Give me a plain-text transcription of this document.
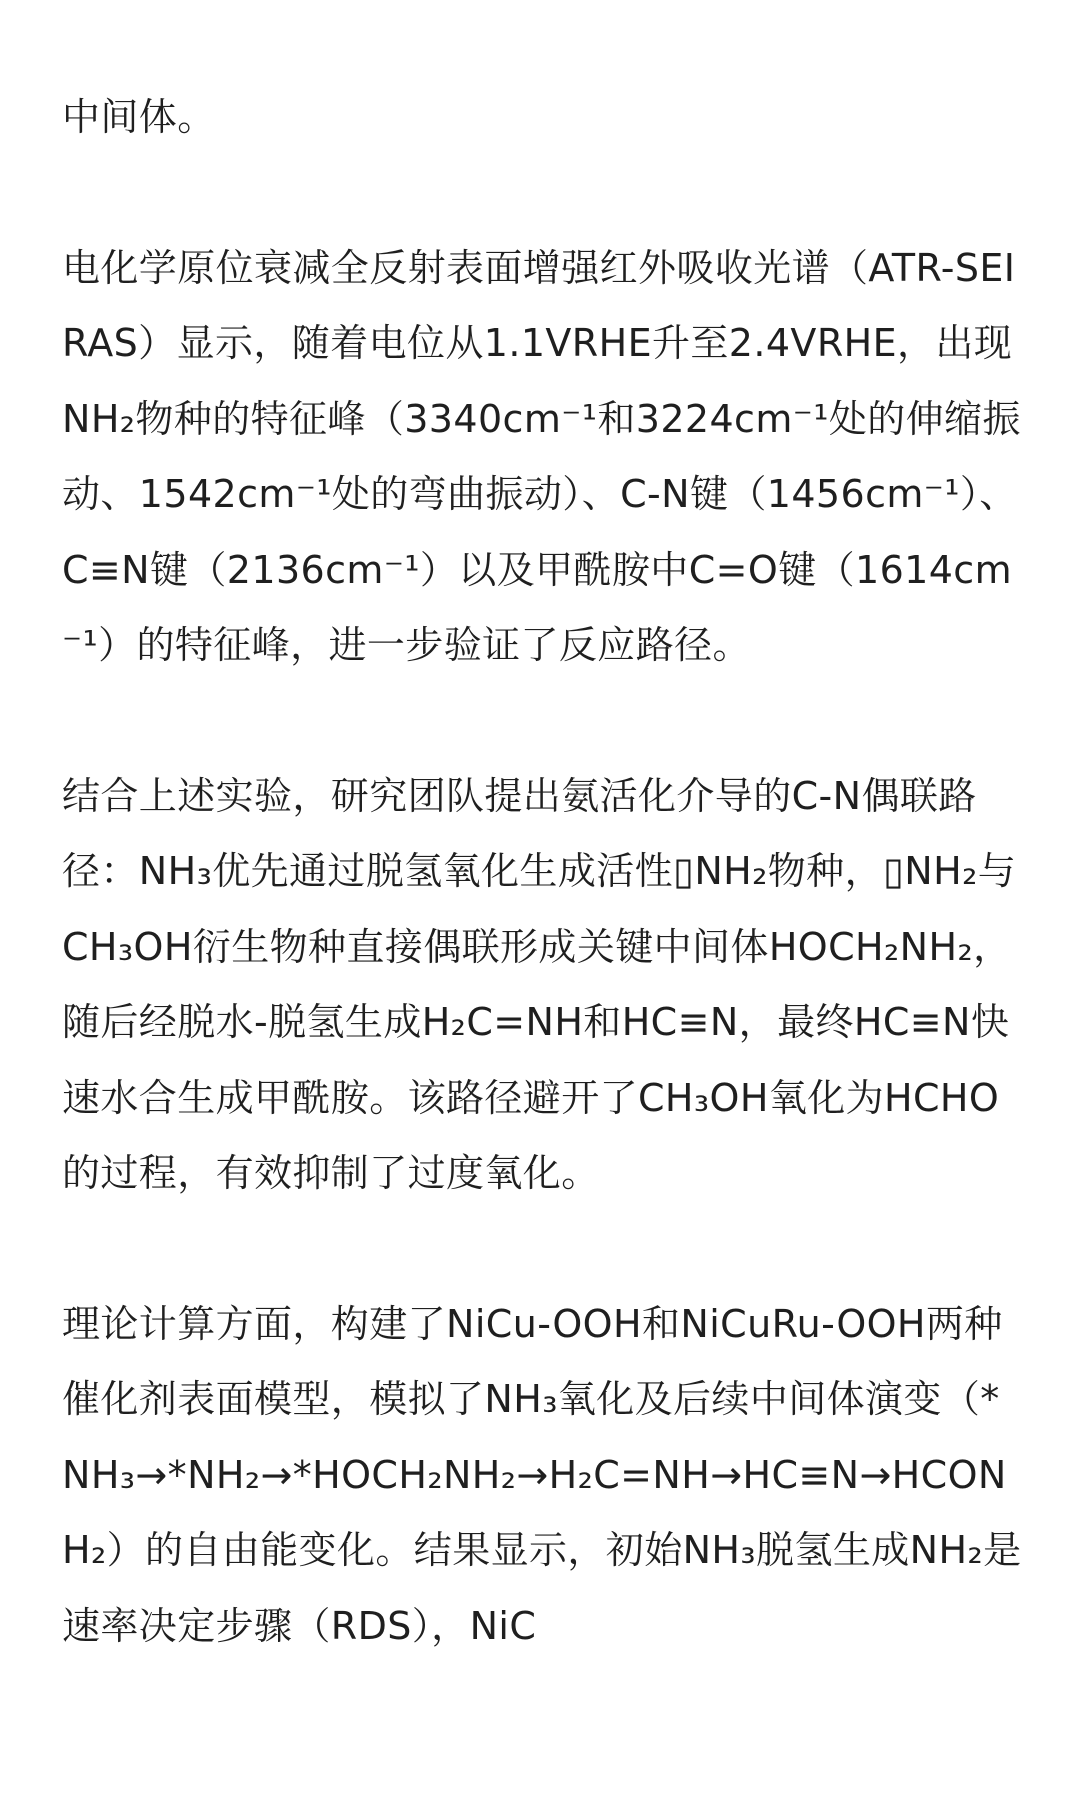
中间体。

电化学原位衰减全反射表面增强红外吸收光谱（ATR-SEIRAS）显示，随着电位从1.1VRHE升至2.4VRHE，出现NH₂物种的特征峰（3340cm⁻¹和3224cm⁻¹处的伸缩振动、1542cm⁻¹处的弯曲振动）、C-N键（1456cm⁻¹）、C≡N键（2136cm⁻¹）以及甲酰胺中C=O键（1614cm⁻¹）的特征峰，进一步验证了反应路径。

结合上述实验，研究团队提出氨活化介导的C-N偶联路径：NH₃优先通过脱氢氧化生成活性▯NH₂物种，▯NH₂与CH₃OH衍生物种直接偶联形成关键中间体HOCH₂NH₂，随后经脱水-脱氢生成H₂C=NH和HC≡N，最终HC≡N快速水合生成甲酰胺。该路径避开了CH₃OH氧化为HCHO的过程，有效抑制了过度氧化。

理论计算方面，构建了NiCu-OOH和NiCuRu-OOH两种催化剂表面模型，模拟了NH₃氧化及后续中间体演变（*NH₃→*NH₂→*HOCH₂NH₂→H₂C=NH→HC≡N→HCONH₂）的自由能变化。结果显示，初始NH₃脱氢生成NH₂是速率决定步骤（RDS），NiC
